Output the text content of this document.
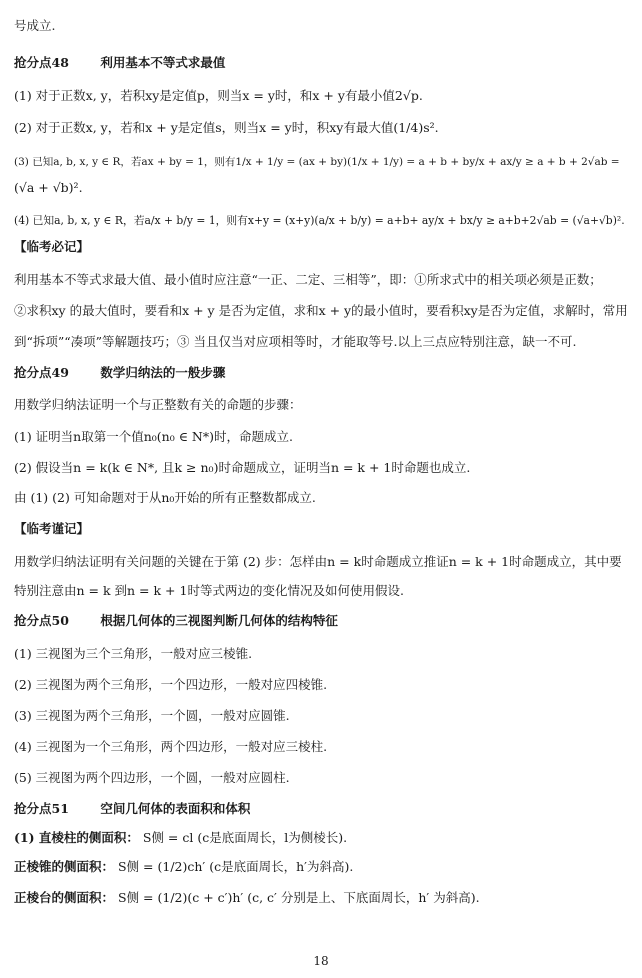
号成立.
抢分点48	利用基本不等式求最值
(1) 对于正数x, y，若积xy是定值p，则当x = y时，和x + y有最小值2√p.
(2) 对于正数x, y，若和x + y是定值s，则当x = y时，积xy有最大值(1/4)s².
(3) 已知a, b, x, y ∈ R，若ax + by = 1，则有1/x + 1/y = (ax + by)(1/x + 1/y) = a + b + by/x + ax/y ≥ a + b + 2√ab =
(√a + √b)².
(4) 已知a, b, x, y ∈ R，若a/x + b/y = 1，则有x+y = (x+y)(a/x + b/y) = a+b+ ay/x + bx/y ≥ a+b+2√ab = (√a+√b)².
【临考必记】
利用基本不等式求最大值、最小值时应注意“一正、二定、三相等”，即：①所求式中的相关项必须是正数；
②求积xy 的最大值时，要看和x + y 是否为定值，求和x + y的最小值时，要看积xy是否为定值，求解时，常用
到“拆项”“凑项”等解题技巧；③ 当且仅当对应项相等时，才能取等号.以上三点应特别注意，缺一不可.
抢分点49	数学归纳法的一般步骤
用数学归纳法证明一个与正整数有关的命题的步骤：
(1) 证明当n取第一个值n₀(n₀ ∈ N*)时，命题成立.
(2) 假设当n = k(k ∈ N*, 且k ≥ n₀)时命题成立，证明当n = k + 1时命题也成立.
由 (1) (2) 可知命题对于从n₀开始的所有正整数都成立.
【临考谨记】
用数学归纳法证明有关问题的关键在于第 (2) 步：怎样由n = k时命题成立推证n = k + 1时命题成立，其中要
特别注意由n = k 到n = k + 1时等式两边的变化情况及如何使用假设.
抢分点50	根据几何体的三视图判断几何体的结构特征
(1) 三视图为三个三角形，一般对应三棱锥.
(2) 三视图为两个三角形，一个四边形，一般对应四棱锥.
(3) 三视图为两个三角形，一个圆，一般对应圆锥.
(4) 三视图为一个三角形，两个四边形，一般对应三棱柱.
(5) 三视图为两个四边形，一个圆，一般对应圆柱.
抢分点51	空间几何体的表面积和体积
(1) 直棱柱的侧面积： S侧 = cl (c是底面周长，l为侧棱长).
正棱锥的侧面积： S侧 = (1/2)ch′ (c是底面周长，h′为斜高).
正棱台的侧面积： S侧 = (1/2)(c + c′)h′ (c, c′ 分别是上、下底面周长，h′ 为斜高).
18
